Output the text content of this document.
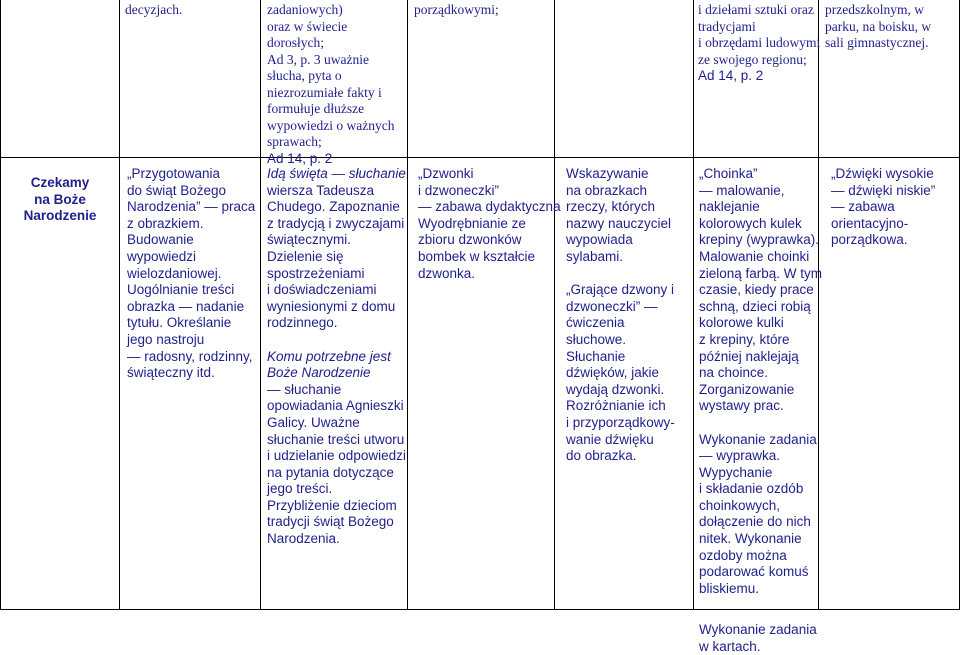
decyzjach.	zadaniowych)
oraz w świecie
dorosłych;
Ad 3, p. 3 uważnie
słucha, pyta o
niezrozumiałe fakty i
formułuje dłuższe
wypowiedzi o ważnych
sprawach;
Ad 14, p. 2
porządkowymi;	i dziełami sztuki oraz
tradycjami
i obrzędami ludowymi
ze swojego regionu;
Ad 14, p. 2
przedszkolnym, w
parku, na boisku, w
sali gimnastycznej.
Czekamy
na Boże
Narodzenie
„Przygotowania
do świąt Bożego
Narodzenia” — praca
z obrazkiem.
Budowanie
wypowiedzi
wielozdaniowej.
Uogólnianie treści
obrazka — nadanie
tytułu. Określanie
jego nastroju
— radosny, rodzinny,
świąteczny itd.
Idą święta — słuchanie
wiersza Tadeusza
Chudego. Zapoznanie
z tradycją i zwyczajami
świątecznymi.
Dzielenie się
spostrzeżeniami
i doświadczeniami
wyniesionymi z domu
rodzinnego.
Komu potrzebne jest
Boże Narodzenie
— słuchanie
opowiadania Agnieszki
Galicy. Uważne
słuchanie treści utworu
i udzielanie odpowiedzi
na pytania dotyczące
jego treści.
Przybliżenie dzieciom
tradycji świąt Bożego
Narodzenia.
„Dzwonki
i dzwoneczki”
— zabawa dydaktyczna
Wyodrębnianie ze
zbioru dzwonków
bombek w kształcie
dzwonka.
Wskazywanie
na obrazkach
rzeczy, których
nazwy nauczyciel
wypowiada
sylabami.
„Grające dzwony i
dzwoneczki” —
ćwiczenia
słuchowe.
Słuchanie
dźwięków, jakie
wydają dzwonki.
Rozróżnianie ich
i przyporządkowy-
wanie dźwięku
do obrazka.
„Choinka”
— malowanie,
naklejanie
kolorowych kulek
krepiny (wyprawka).
Malowanie choinki
zieloną farbą. W tym
czasie, kiedy prace
schną, dzieci robią
kolorowe kulki
z krepiny, które
później naklejają
na choince.
Zorganizowanie
wystawy prac.
Wykonanie zadania
— wyprawka.
Wypychanie
i składanie ozdób
choinkowych,
dołączenie do nich
nitek. Wykonanie
ozdoby można
podarować komuś
bliskiemu.
Wykonanie zadania
w kartach.
„Dźwięki wysokie
— dźwięki niskie”
— zabawa
orientacyjno-
porządkowa.
